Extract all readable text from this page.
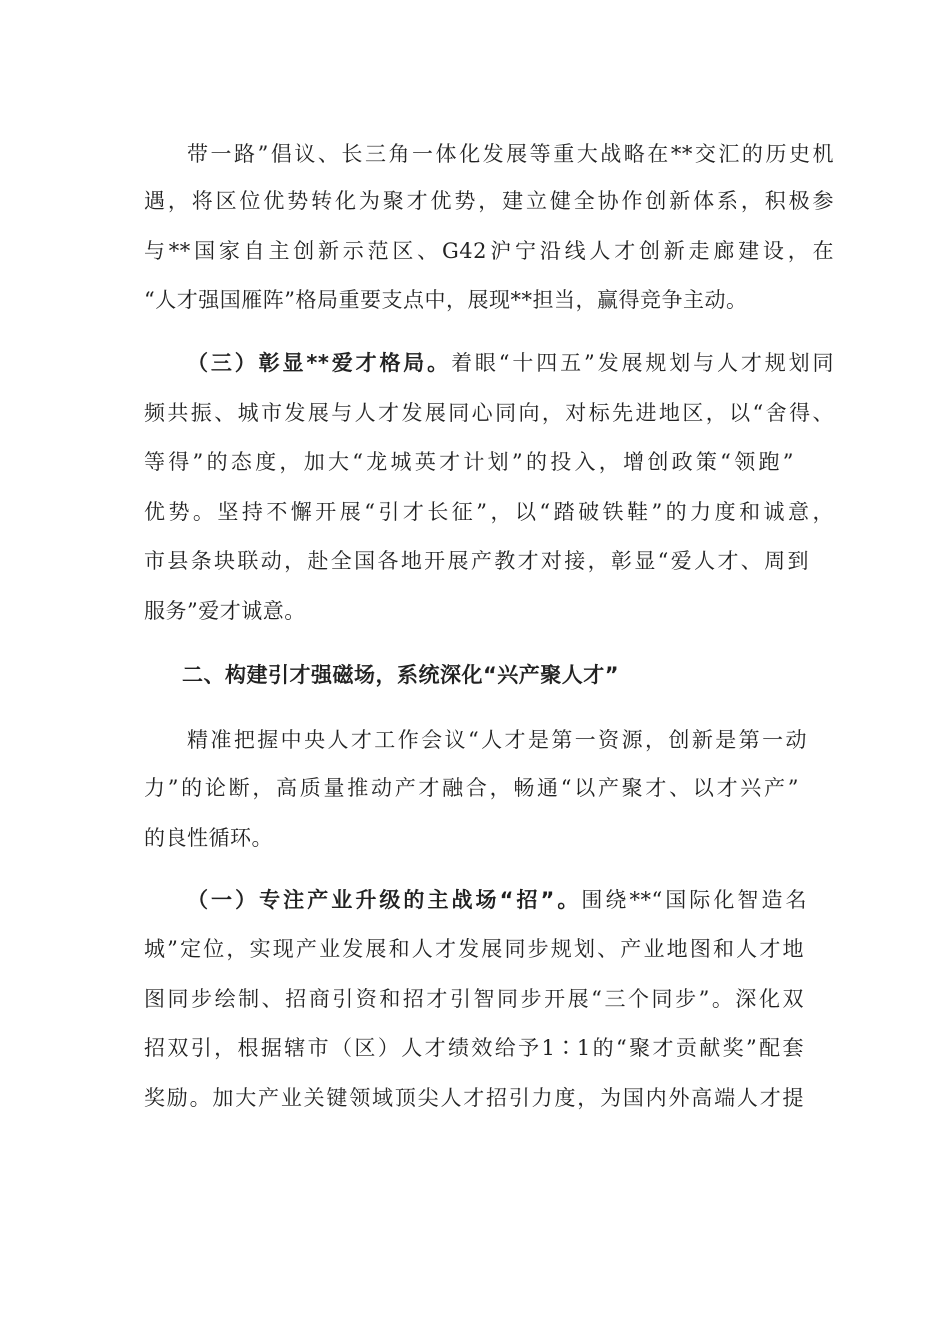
带一路”倡议、长三角一体化发展等重大战略在**交汇的历史机
遇，将区位优势转化为聚才优势，建立健全协作创新体系，积极参
与**国家自主创新示范区、G42沪宁沿线人才创新走廊建设，在
“人才强国雁阵”格局重要支点中，展现**担当，赢得竞争主动。
（三）彰显**爱才格局。着眼“十四五”发展规划与人才规划同
频共振、城市发展与人才发展同心同向，对标先进地区，以“舍得、
等得”的态度，加大“龙城英才计划”的投入，增创政策“领跑”
优势。坚持不懈开展“引才长征”，以“踏破铁鞋”的力度和诚意，
市县条块联动，赴全国各地开展产教才对接，彰显“爱人才、周到
服务”爱才诚意。
二、构建引才强磁场，系统深化“兴产聚人才”
精准把握中央人才工作会议“人才是第一资源，创新是第一动
力”的论断，高质量推动产才融合，畅通“以产聚才、以才兴产”
的良性循环。
（一）专注产业升级的主战场“招”。围绕**“国际化智造名
城”定位，实现产业发展和人才发展同步规划、产业地图和人才地
图同步绘制、招商引资和招才引智同步开展“三个同步”。深化双
招双引，根据辖市（区）人才绩效给予1∶1的“聚才贡献奖”配套
奖励。加大产业关键领域顶尖人才招引力度，为国内外高端人才提
